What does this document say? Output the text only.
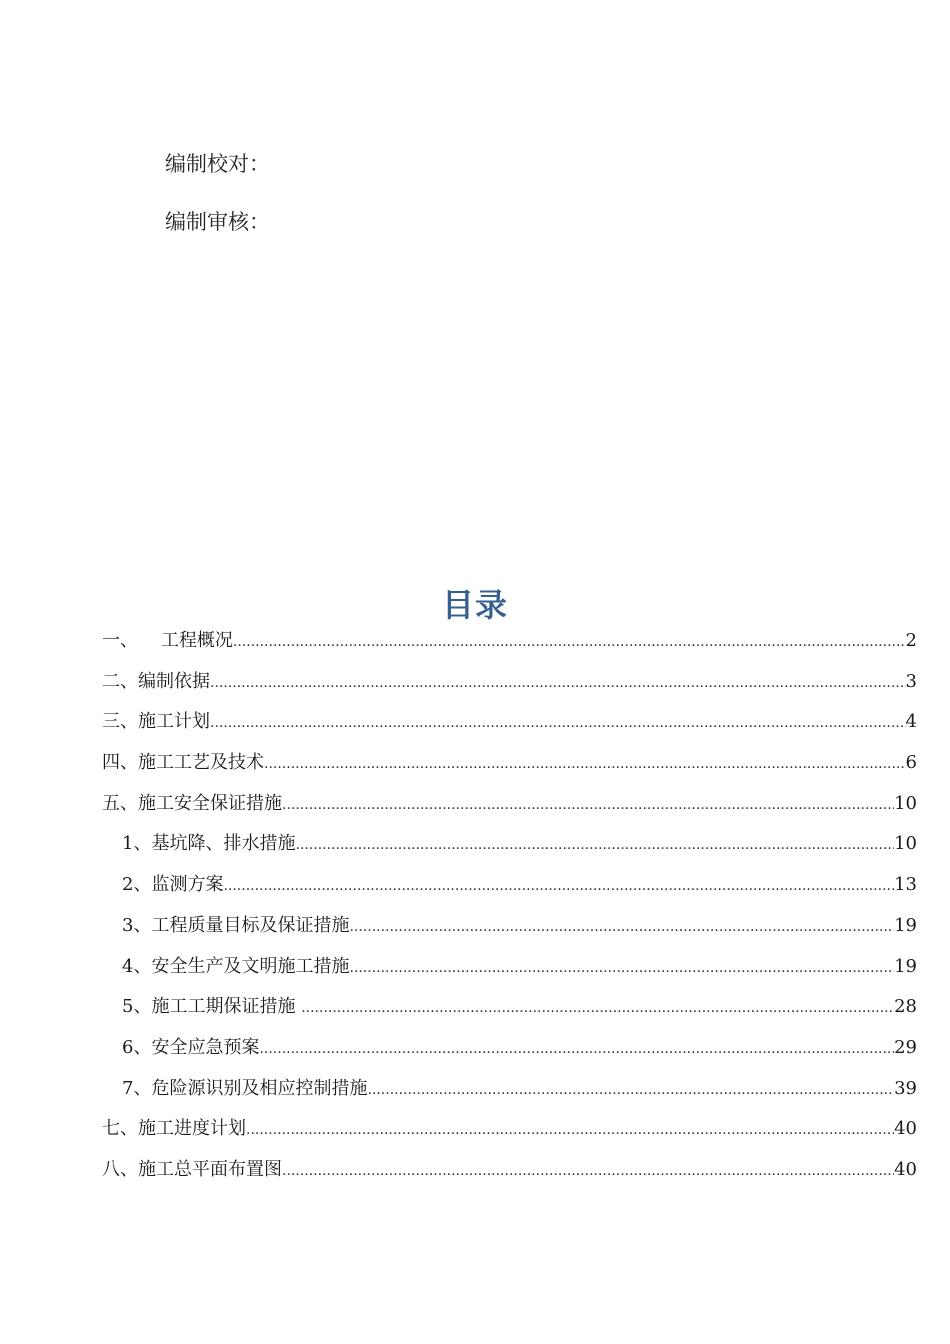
编制校对：
编制审核：
目录
一、    工程概况 .....	2
二、编制依据 .....	3
三、施工计划 .....	4
四、施工工艺及技术 .....	6
五、施工安全保证措施 .....	10
1、基坑降、排水措施 .....	10
2、监测方案 .....	13
3、工程质量目标及保证措施 .....	19
4、安全生产及文明施工措施 .....	19
5、施工工期保证措施 .....	28
6、安全应急预案 .....	29
7、危险源识别及相应控制措施 .....	39
七、施工进度计划 .....	40
八、施工总平面布置图 .....	40
